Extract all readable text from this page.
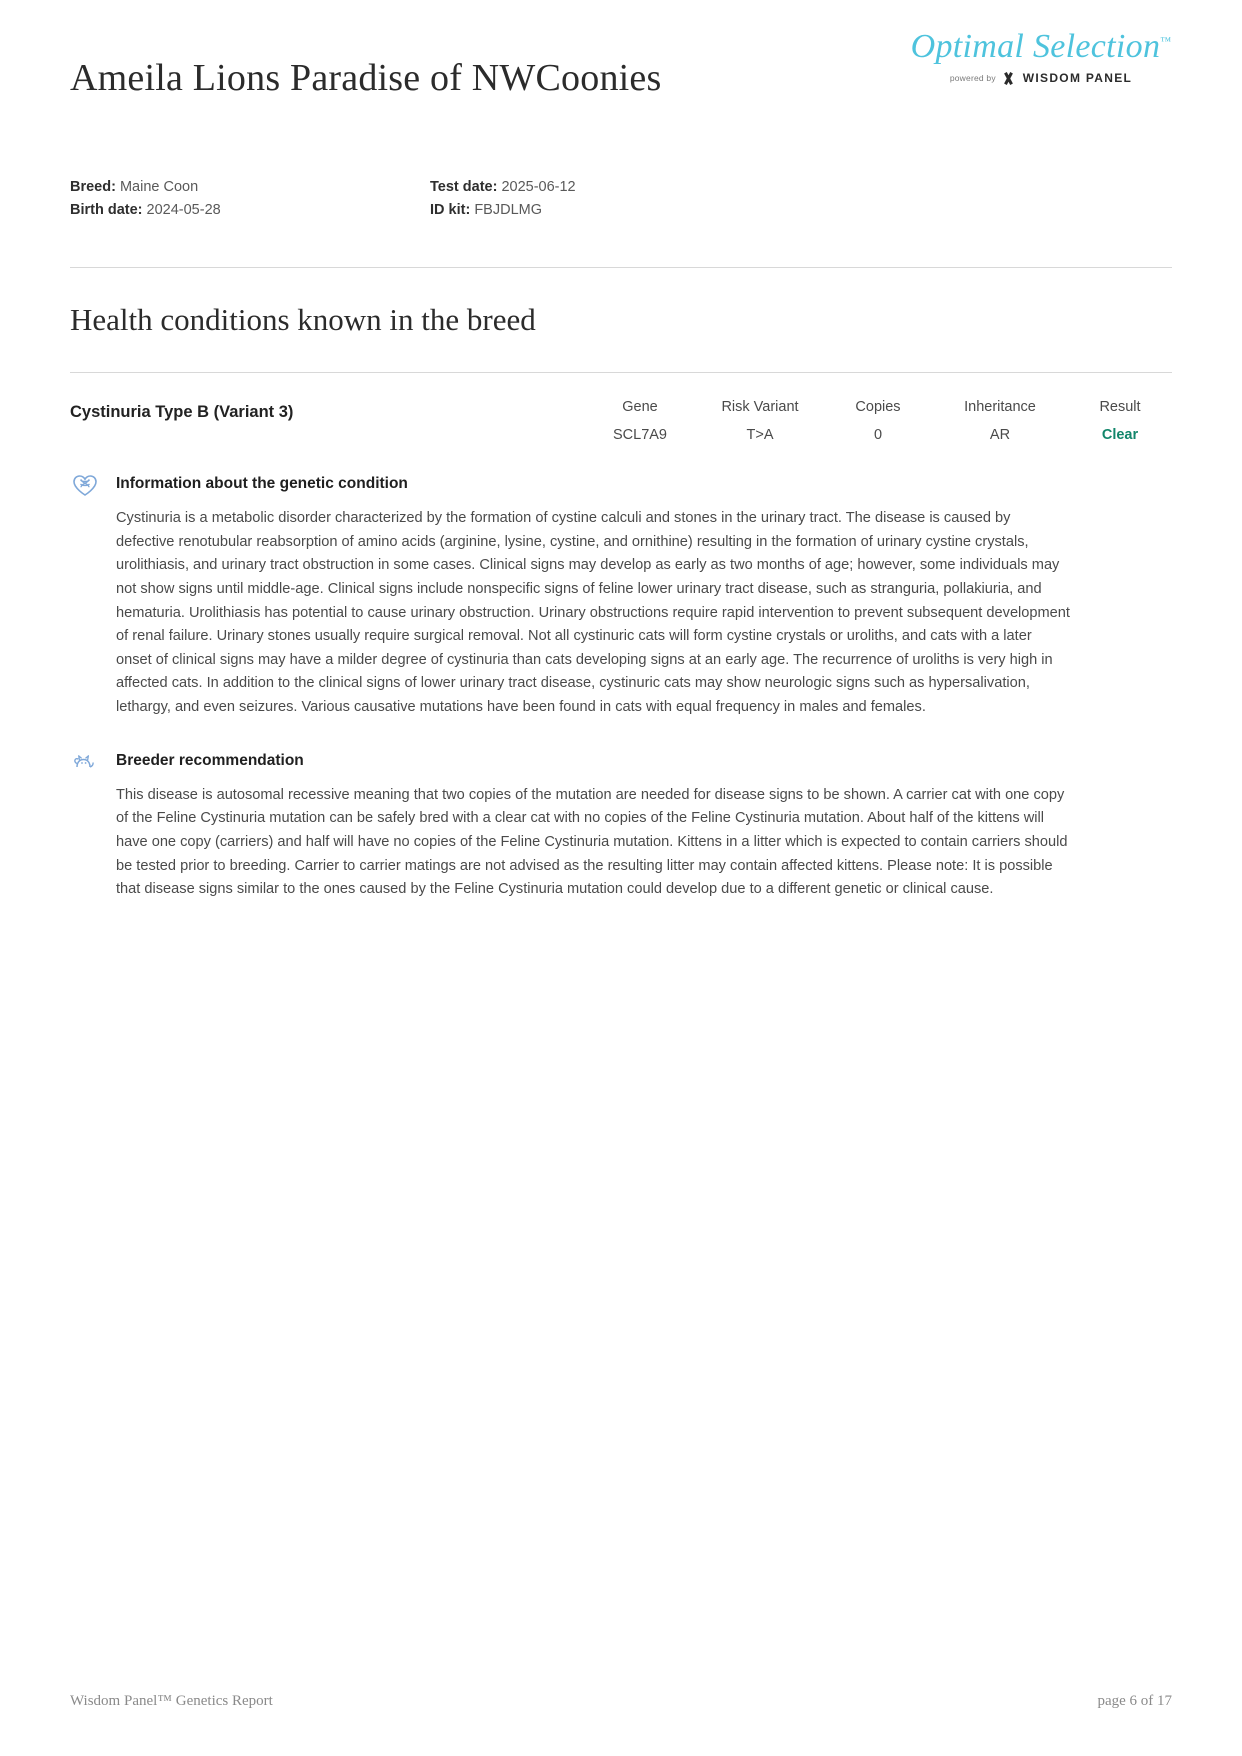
Ameila Lions Paradise of NWCoonies
Optimal Selection™
powered by WISDOM PANEL
Breed: Maine Coon
Birth date: 2024-05-28
Test date: 2025-06-12
ID kit: FBJDLMG
Health conditions known in the breed
Cystinuria Type B (Variant 3)	Gene
SCL7A9
Risk Variant
T>A
Copies
0
Inheritance
AR
Result
Clear
Information about the genetic condition

Cystinuria is a metabolic disorder characterized by the formation of cystine calculi and stones in the urinary tract. The disease is caused by defective renotubular reabsorption of amino acids (arginine, lysine, cystine, and ornithine) resulting in the formation of urinary cystine crystals, urolithiasis, and urinary tract obstruction in some cases. Clinical signs may develop as early as two months of age; however, some individuals may not show signs until middle-age. Clinical signs include nonspecific signs of feline lower urinary tract disease, such as stranguria, pollakiuria, and hematuria. Urolithiasis has potential to cause urinary obstruction. Urinary obstructions require rapid intervention to prevent subsequent development of renal failure. Urinary stones usually require surgical removal. Not all cystinuric cats will form cystine crystals or uroliths, and cats with a later onset of clinical signs may have a milder degree of cystinuria than cats developing signs at an early age. The recurrence of uroliths is very high in affected cats. In addition to the clinical signs of lower urinary tract disease, cystinuric cats may show neurologic signs such as hypersalivation, lethargy, and even seizures. Various causative mutations have been found in cats with equal frequency in males and females.

Breeder recommendation

This disease is autosomal recessive meaning that two copies of the mutation are needed for disease signs to be shown. A carrier cat with one copy of the Feline Cystinuria mutation can be safely bred with a clear cat with no copies of the Feline Cystinuria mutation. About half of the kittens will have one copy (carriers) and half will have no copies of the Feline Cystinuria mutation. Kittens in a litter which is expected to contain carriers should be tested prior to breeding. Carrier to carrier matings are not advised as the resulting litter may contain affected kittens. Please note: It is possible that disease signs similar to the ones caused by the Feline Cystinuria mutation could develop due to a different genetic or clinical cause.

Wisdom Panel™ Genetics Report	page 6 of 17
